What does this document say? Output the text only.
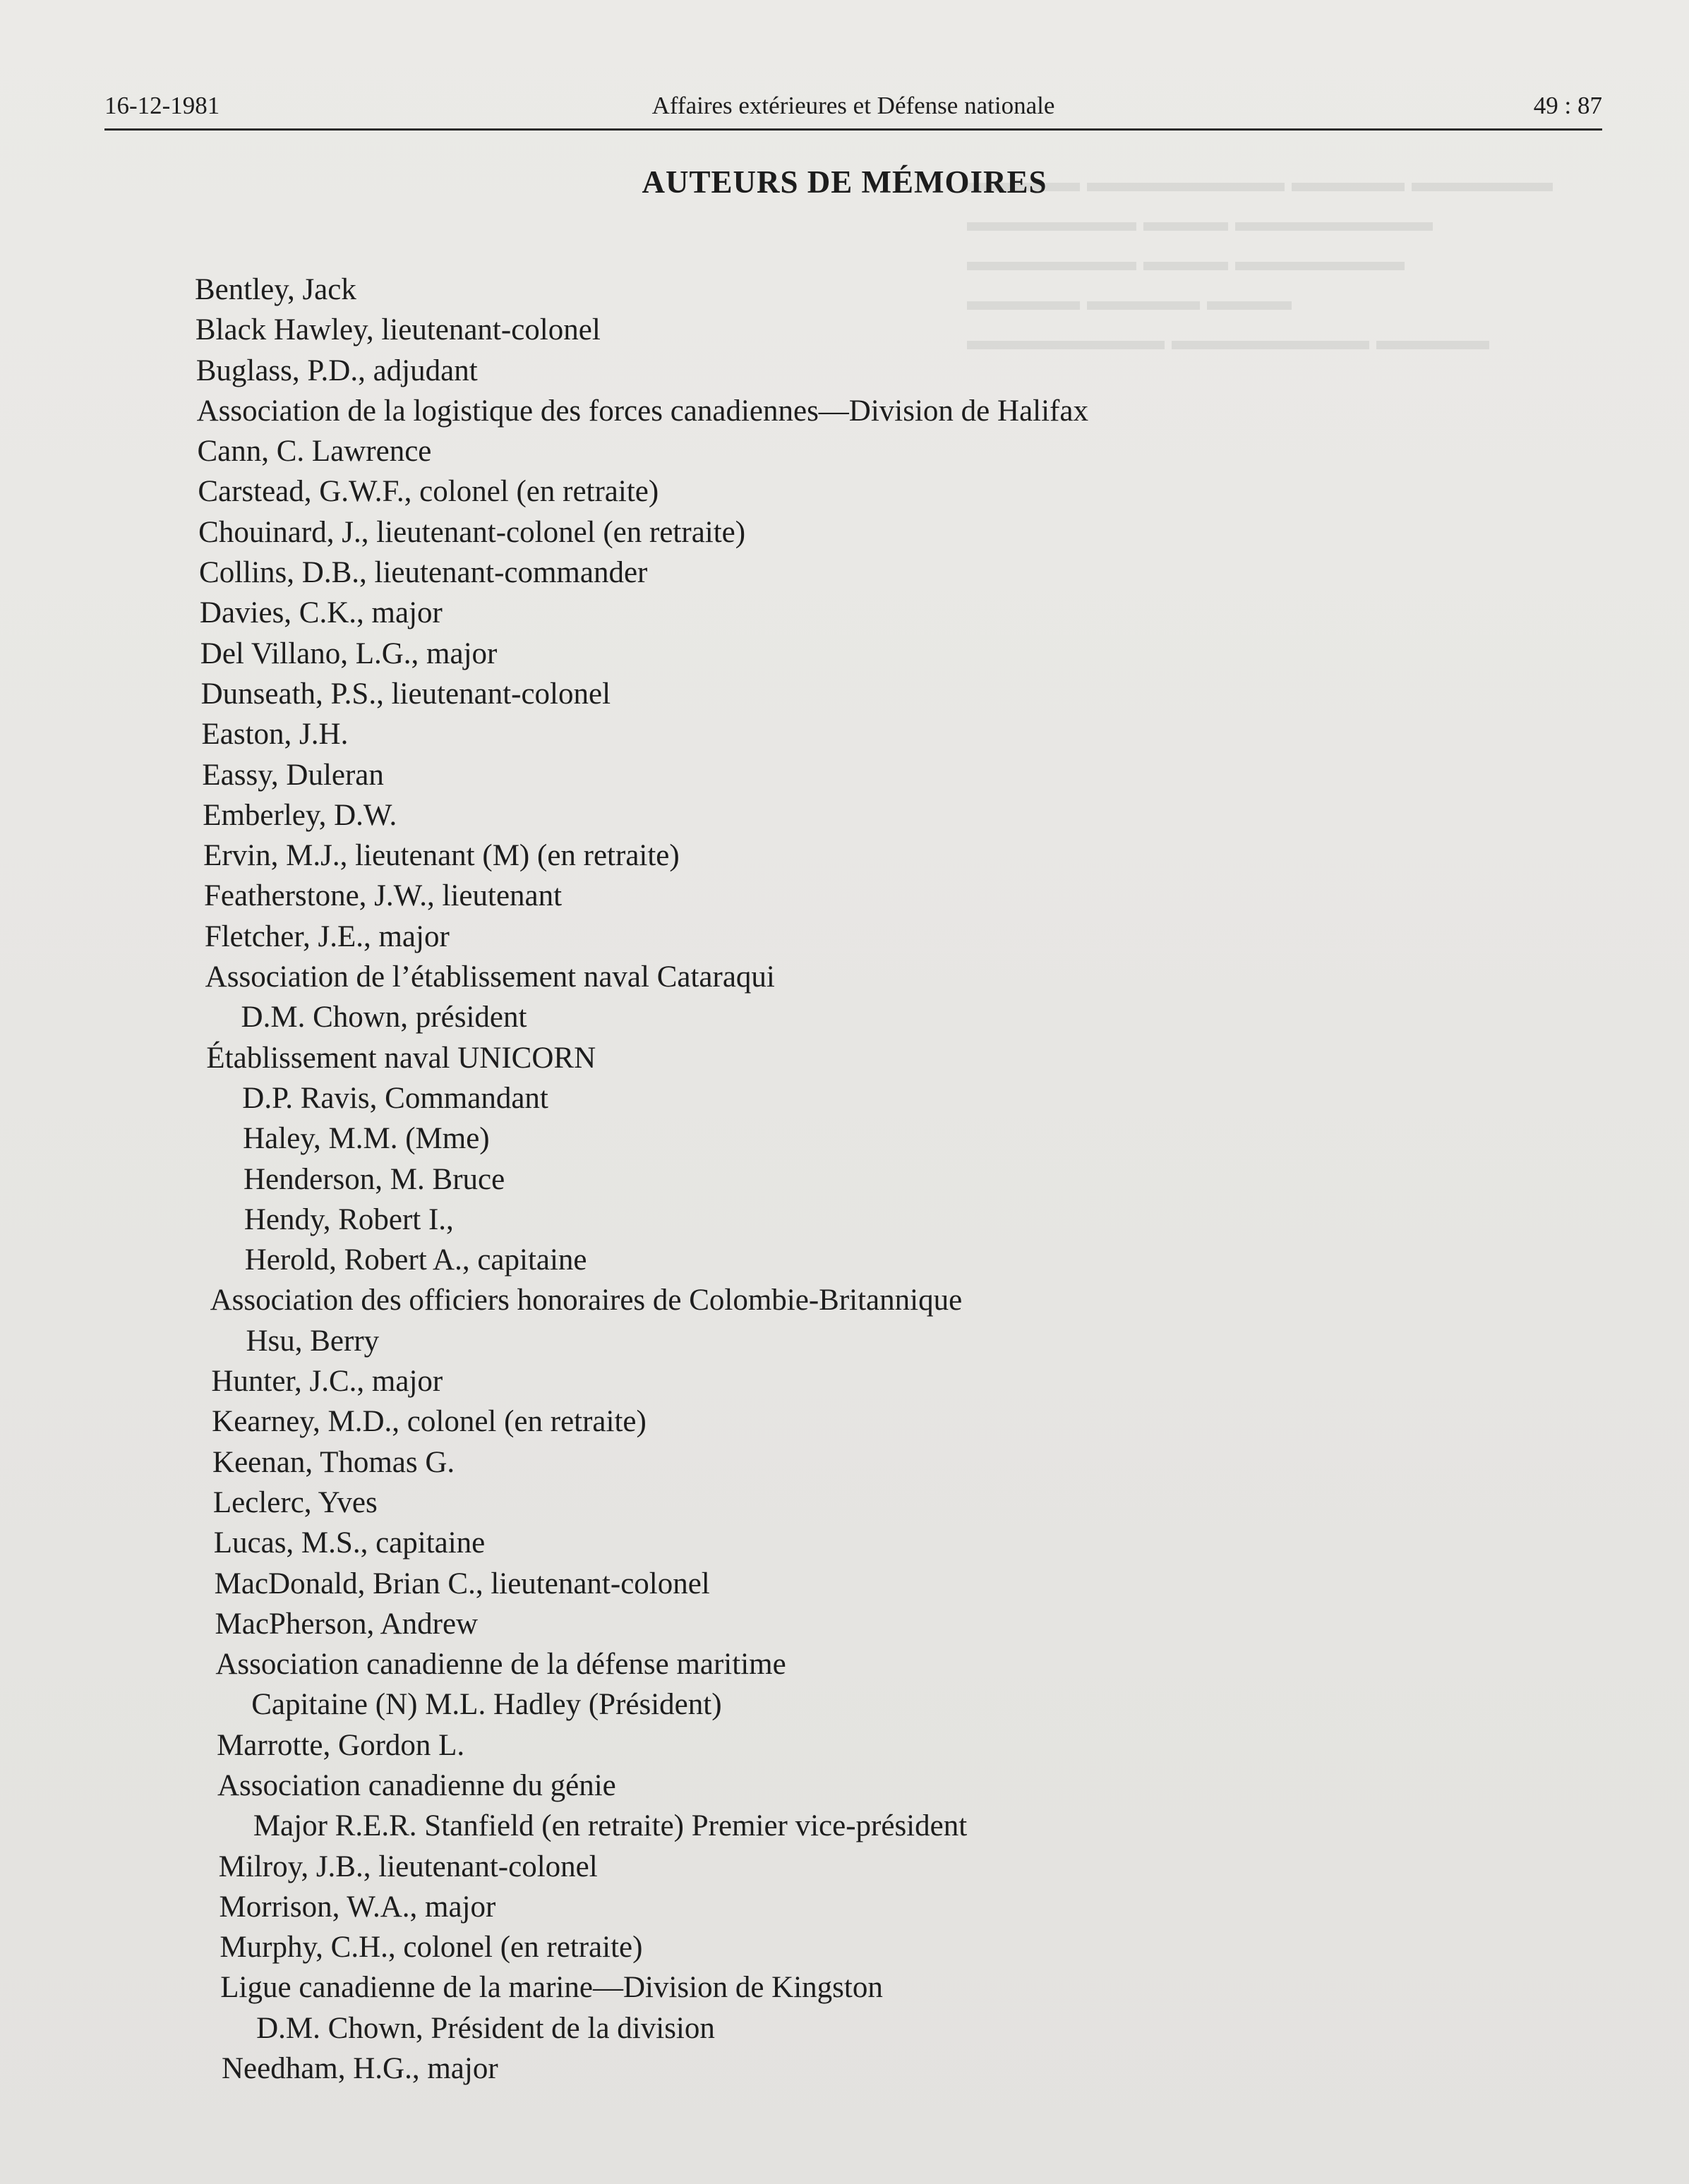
▬▬▬▬ ▬▬▬▬▬▬▬ ▬▬▬▬ ▬▬▬▬▬
▬▬▬▬▬▬ ▬▬▬ ▬▬▬▬▬▬▬
▬▬▬▬▬▬ ▬▬▬ ▬▬▬▬▬▬
▬▬▬▬ ▬▬▬▬ ▬▬▬
▬▬▬▬▬▬▬ ▬▬▬▬▬▬▬ ▬▬▬▬
16-12-1981	Affaires extérieures et Défense nationale	49 : 87
AUTEURS DE MÉMOIRES
Bentley, Jack
Black Hawley, lieutenant-colonel
Buglass, P.D., adjudant
Association de la logistique des forces canadiennes—Division de Halifax
Cann, C. Lawrence
Carstead, G.W.F., colonel (en retraite)
Chouinard, J., lieutenant-colonel (en retraite)
Collins, D.B., lieutenant-commander
Davies, C.K., major
Del Villano, L.G., major
Dunseath, P.S., lieutenant-colonel
Easton, J.H.
Eassy, Duleran
Emberley, D.W.
Ervin, M.J., lieutenant (M) (en retraite)
Featherstone, J.W., lieutenant
Fletcher, J.E., major
Association de l’établissement naval Cataraqui
D.M. Chown, président
Établissement naval UNICORN
D.P. Ravis, Commandant
Haley, M.M. (Mme)
Henderson, M. Bruce
Hendy, Robert I.,
Herold, Robert A., capitaine
Association des officiers honoraires de Colombie-Britannique
Hsu, Berry
Hunter, J.C., major
Kearney, M.D., colonel (en retraite)
Keenan, Thomas G.
Leclerc, Yves
Lucas, M.S., capitaine
MacDonald, Brian C., lieutenant-colonel
MacPherson, Andrew
Association canadienne de la défense maritime
Capitaine (N) M.L. Hadley (Président)
Marrotte, Gordon L.
Association canadienne du génie
Major R.E.R. Stanfield (en retraite) Premier vice-président
Milroy, J.B., lieutenant-colonel
Morrison, W.A., major
Murphy, C.H., colonel (en retraite)
Ligue canadienne de la marine—Division de Kingston
D.M. Chown, Président de la division
Needham, H.G., major
